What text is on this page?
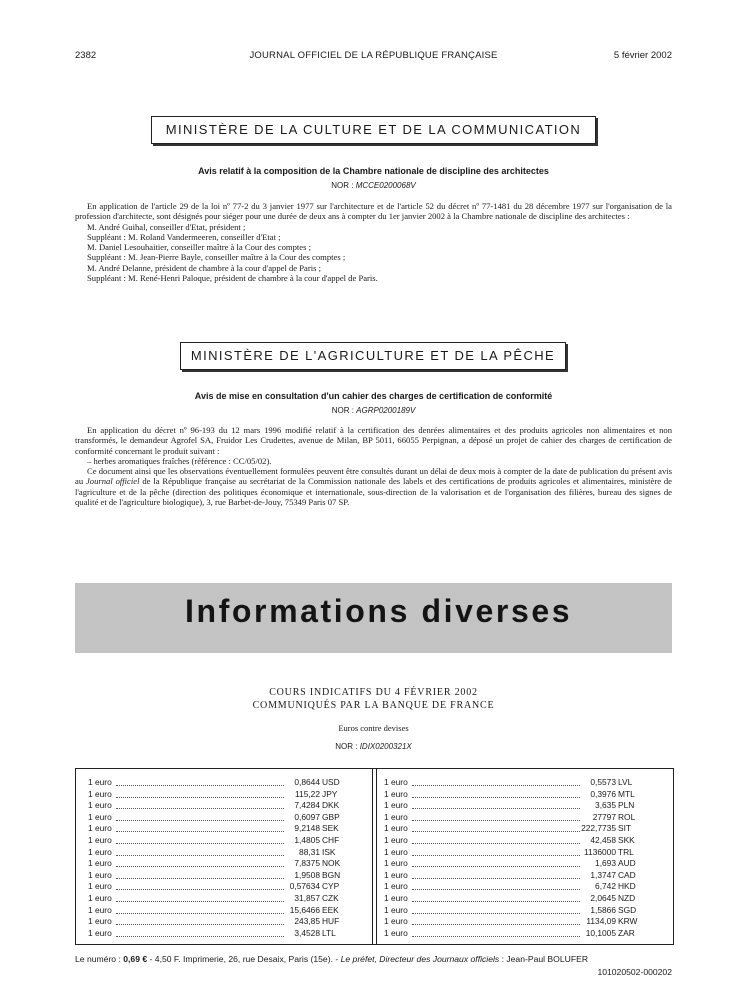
2382	JOURNAL OFFICIEL DE LA RÉPUBLIQUE FRANÇAISE	5 février 2002
MINISTÈRE DE LA CULTURE ET DE LA COMMUNICATION
Avis relatif à la composition de la Chambre nationale de discipline des architectes
NOR : MCCE0200068V

En application de l'article 29 de la loi nº 77-2 du 3 janvier 1977 sur l'architecture et de l'article 52 du décret nº 77-1481 du 28 décembre 1977 sur l'organisation de la profession d'architecte, sont désignés pour siéger pour une durée de deux ans à compter du 1er janvier 2002 à la Chambre nationale de discipline des architectes :

M. André Guihal, conseiller d'Etat, président ;

Suppléant : M. Roland Vandermeeren, conseiller d'Etat ;

M. Daniel Lesouhaitier, conseiller maître à la Cour des comptes ;

Suppléant : M. Jean-Pierre Bayle, conseiller maître à la Cour des comptes ;

M. André Delanne, président de chambre à la cour d'appel de Paris ;

Suppléant : M. René-Henri Paloque, président de chambre à la cour d'appel de Paris.

MINISTÈRE DE L'AGRICULTURE ET DE LA PÊCHE
Avis de mise en consultation d'un cahier des charges de certification de conformité
NOR : AGRP0200189V

En application du décret nº 96-193 du 12 mars 1996 modifié relatif à la certification des denrées alimentaires et des produits agricoles non alimentaires et non transformés, le demandeur Agrofel SA, Fruidor Les Crudettes, avenue de Milan, BP 5011, 66055 Perpignan, a déposé un projet de cahier des charges de certification de conformité concernant le produit suivant :

– herbes aromatiques fraîches (référence : CC/05/02).

Ce document ainsi que les observations éventuellement formulées peuvent être consultés durant un délai de deux mois à compter de la date de publication du présent avis au Journal officiel de la République française au secrétariat de la Commission nationale des labels et des certifications de produits agricoles et alimentaires, ministère de l'agriculture et de la pêche (direction des politiques économique et internationale, sous-direction de la valorisation et de l'organisation des filières, bureau des signes de qualité et de l'agriculture biologique), 3, rue Barbet-de-Jouy, 75349 Paris 07 SP.

Informations diverses
COURS INDICATIFS DU 4 FÉVRIER 2002
COMMUNIQUÉS PAR LA BANQUE DE FRANCE
Euros contre devises
NOR : IDIX0200321X
1 euro	0,8644 USD
1 euro	115,22 JPY
1 euro	7,4284 DKK
1 euro	0,6097 GBP
1 euro	9,2148 SEK
1 euro	1,4805 CHF
1 euro	88,31 ISK
1 euro	7,8375 NOK
1 euro	1,9508 BGN
1 euro	0,57634 CYP
1 euro	31,857 CZK
1 euro	15,6466 EEK
1 euro	243,85 HUF
1 euro	3,4528 LTL
1 euro	0,5573 LVL
1 euro	0,3976 MTL
1 euro	3,635 PLN
1 euro	27797 ROL
1 euro	222,7735 SIT
1 euro	42,458 SKK
1 euro	1136000 TRL
1 euro	1,693 AUD
1 euro	1,3747 CAD
1 euro	6,742 HKD
1 euro	2,0645 NZD
1 euro	1,5866 SGD
1 euro	1134,09 KRW
1 euro	10,1005 ZAR
Le numéro : 0,69 € - 4,50 F. Imprimerie, 26, rue Desaix, Paris (15e). - Le préfet, Directeur des Journaux officiels : Jean-Paul BOLUFER
101020502-000202
